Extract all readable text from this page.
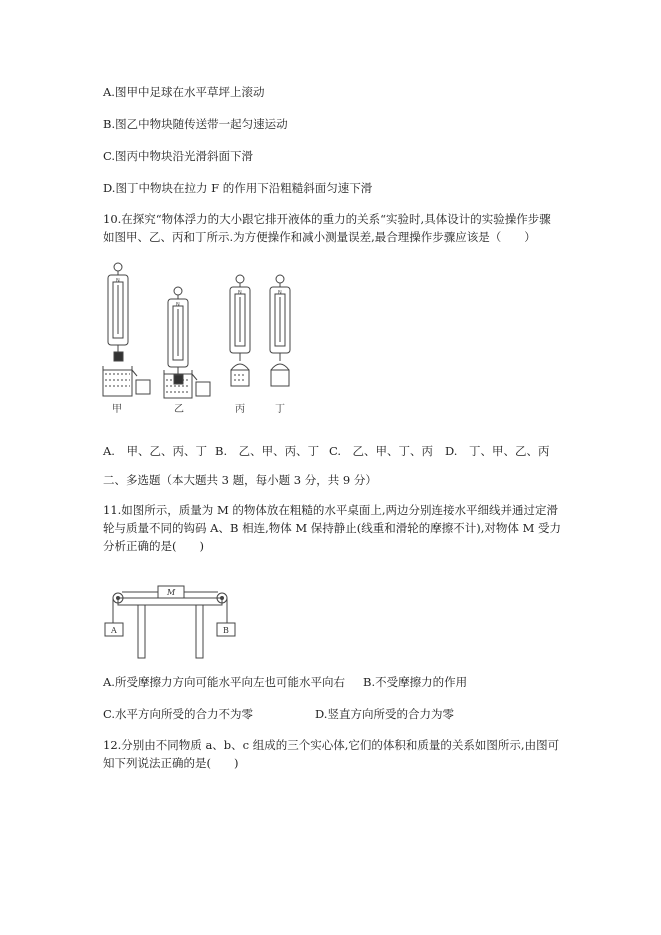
A.图甲中足球在水平草坪上滚动
B.图乙中物块随传送带一起匀速运动
C.图丙中物块沿光滑斜面下滑
D.图丁中物块在拉力 F 的作用下沿粗糙斜面匀速下滑
10.在探究“物体浮力的大小跟它排开液体的重力的关系“实验时,具体设计的实验操作步骤
如图甲、乙、丙和丁所示.为方便操作和减小测量误差,最合理操作步骤应该是（　　）
N
N
N	N
甲	乙	丙	丁
A.　甲、乙、丙、丁 B.　乙、甲、丙、丁 C.　乙、甲、丁、丙 D.　丁、甲、乙、丙
二、多选题（本大题共 3 题，每小题 3 分，共 9 分）
11.如图所示，质量为 M 的物体放在粗糙的水平桌面上,两边分别连接水平细线并通过定滑
轮与质量不同的钩码 A、B 相连,物体 M 保持静止(线重和滑轮的摩擦不计),对物体 M 受力
分析正确的是(　　)
M
A	B
A.所受摩擦力方向可能水平向左也可能水平向右 B.不受摩擦力的作用
C.水平方向所受的合力不为零	D.竖直方向所受的合力为零
12.分别由不同物质 a、b、c 组成的三个实心体,它们的体积和质量的关系如图所示,由图可
知下列说法正确的是(　　)
